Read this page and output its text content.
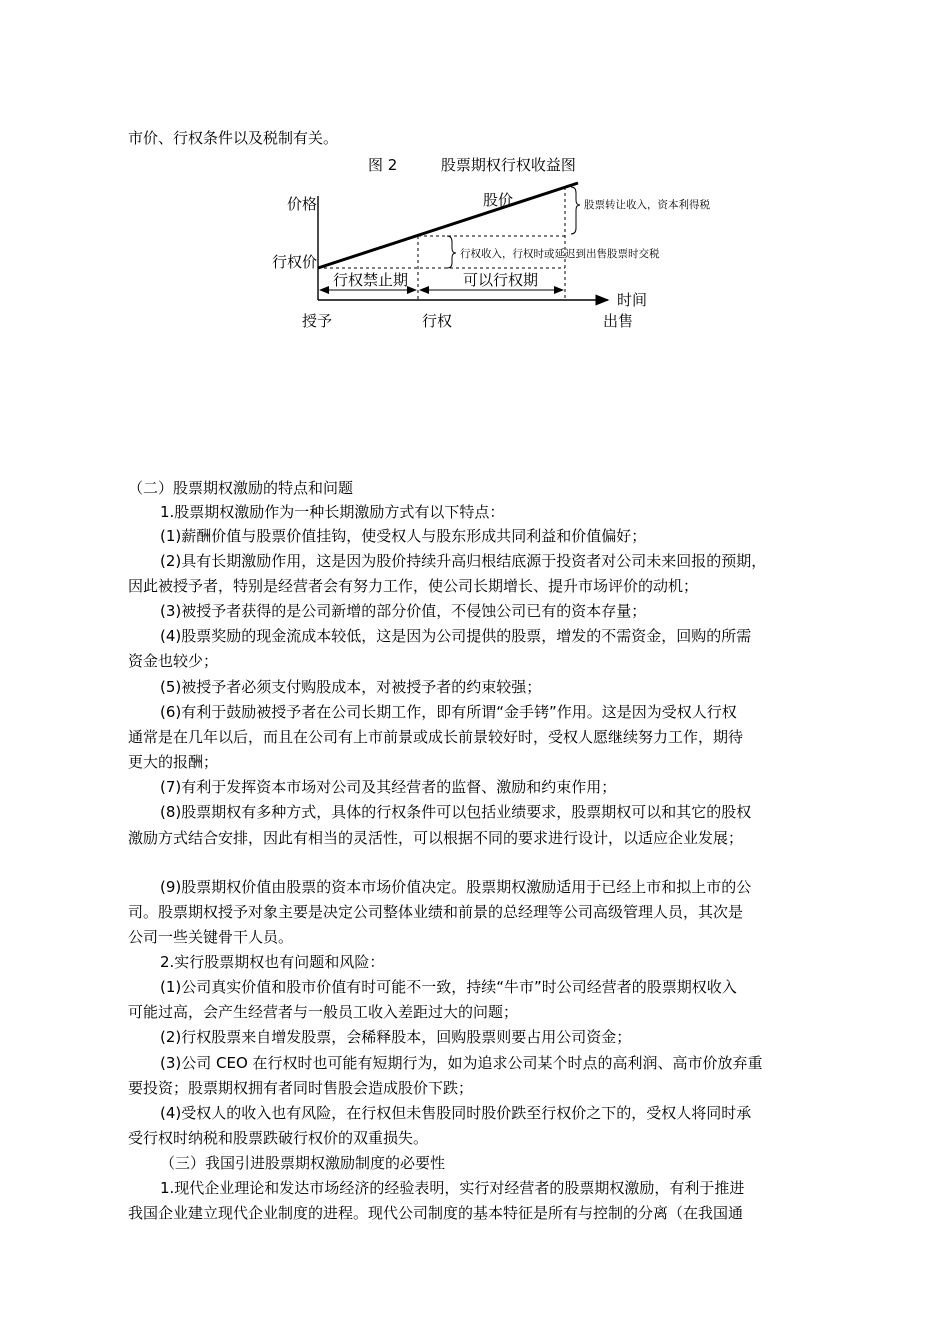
市价、行权条件以及税制有关。
图 2	股票期权行权收益图
价格
行权价
股价	股票转让收入，资本利得税
行权收入，行权时或延迟到出售股票时交税
行权禁止期	可以行权期
时间
授予	行权	出售
（二）股票期权激励的特点和问题
1.股票期权激励作为一种长期激励方式有以下特点：
(1)薪酬价值与股票价值挂钩，使受权人与股东形成共同利益和价值偏好；
(2)具有长期激励作用，这是因为股价持续升高归根结底源于投资者对公司未来回报的预期，
因此被授予者，特别是经营者会有努力工作，使公司长期增长、提升市场评价的动机；
(3)被授予者获得的是公司新增的部分价值，不侵蚀公司已有的资本存量；
(4)股票奖励的现金流成本较低，这是因为公司提供的股票，增发的不需资金，回购的所需
资金也较少；
(5)被授予者必须支付购股成本，对被授予者的约束较强；
(6)有利于鼓励被授予者在公司长期工作，即有所谓“金手铐”作用。这是因为受权人行权
通常是在几年以后，而且在公司有上市前景或成长前景较好时，受权人愿继续努力工作，期待
更大的报酬；
(7)有利于发挥资本市场对公司及其经营者的监督、激励和约束作用；
(8)股票期权有多种方式，具体的行权条件可以包括业绩要求，股票期权可以和其它的股权
激励方式结合安排，因此有相当的灵活性，可以根据不同的要求进行设计，以适应企业发展；
(9)股票期权价值由股票的资本市场价值决定。股票期权激励适用于已经上市和拟上市的公
司。股票期权授予对象主要是决定公司整体业绩和前景的总经理等公司高级管理人员，其次是
公司一些关键骨干人员。
2.实行股票期权也有问题和风险：
(1)公司真实价值和股市价值有时可能不一致，持续“牛市”时公司经营者的股票期权收入
可能过高，会产生经营者与一般员工收入差距过大的问题；
(2)行权股票来自增发股票，会稀释股本，回购股票则要占用公司资金；
(3)公司 CEO 在行权时也可能有短期行为，如为追求公司某个时点的高利润、高市价放弃重
要投资；股票期权拥有者同时售股会造成股价下跌；
(4)受权人的收入也有风险，在行权但未售股同时股价跌至行权价之下的，受权人将同时承
受行权时纳税和股票跌破行权价的双重损失。
（三）我国引进股票期权激励制度的必要性
1.现代企业理论和发达市场经济的经验表明，实行对经营者的股票期权激励，有利于推进
我国企业建立现代企业制度的进程。现代公司制度的基本特征是所有与控制的分离（在我国通
